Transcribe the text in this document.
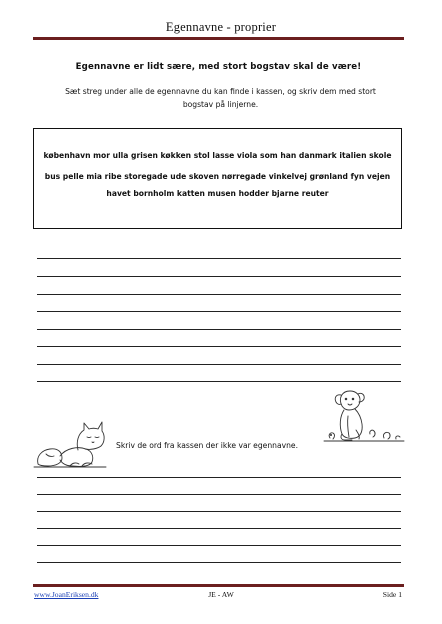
Egennavne - proprier
Egennavne er lidt sære, med stort bogstav skal de være!
Sæt streg under alle de egennavne du kan finde i kassen, og skriv dem med stort
bogstav på linjerne.
københavn mor ulla grisen køkken stol lasse viola som han danmark italien skole
bus pelle mia ribe storegade ude skoven nørregade vinkelvej grønland fyn vejen
havet bornholm katten musen hodder bjarne reuter
Skriv de ord fra kassen der ikke var egennavne.
www.JoanEriksen.dk	JE - AW	Side 1
